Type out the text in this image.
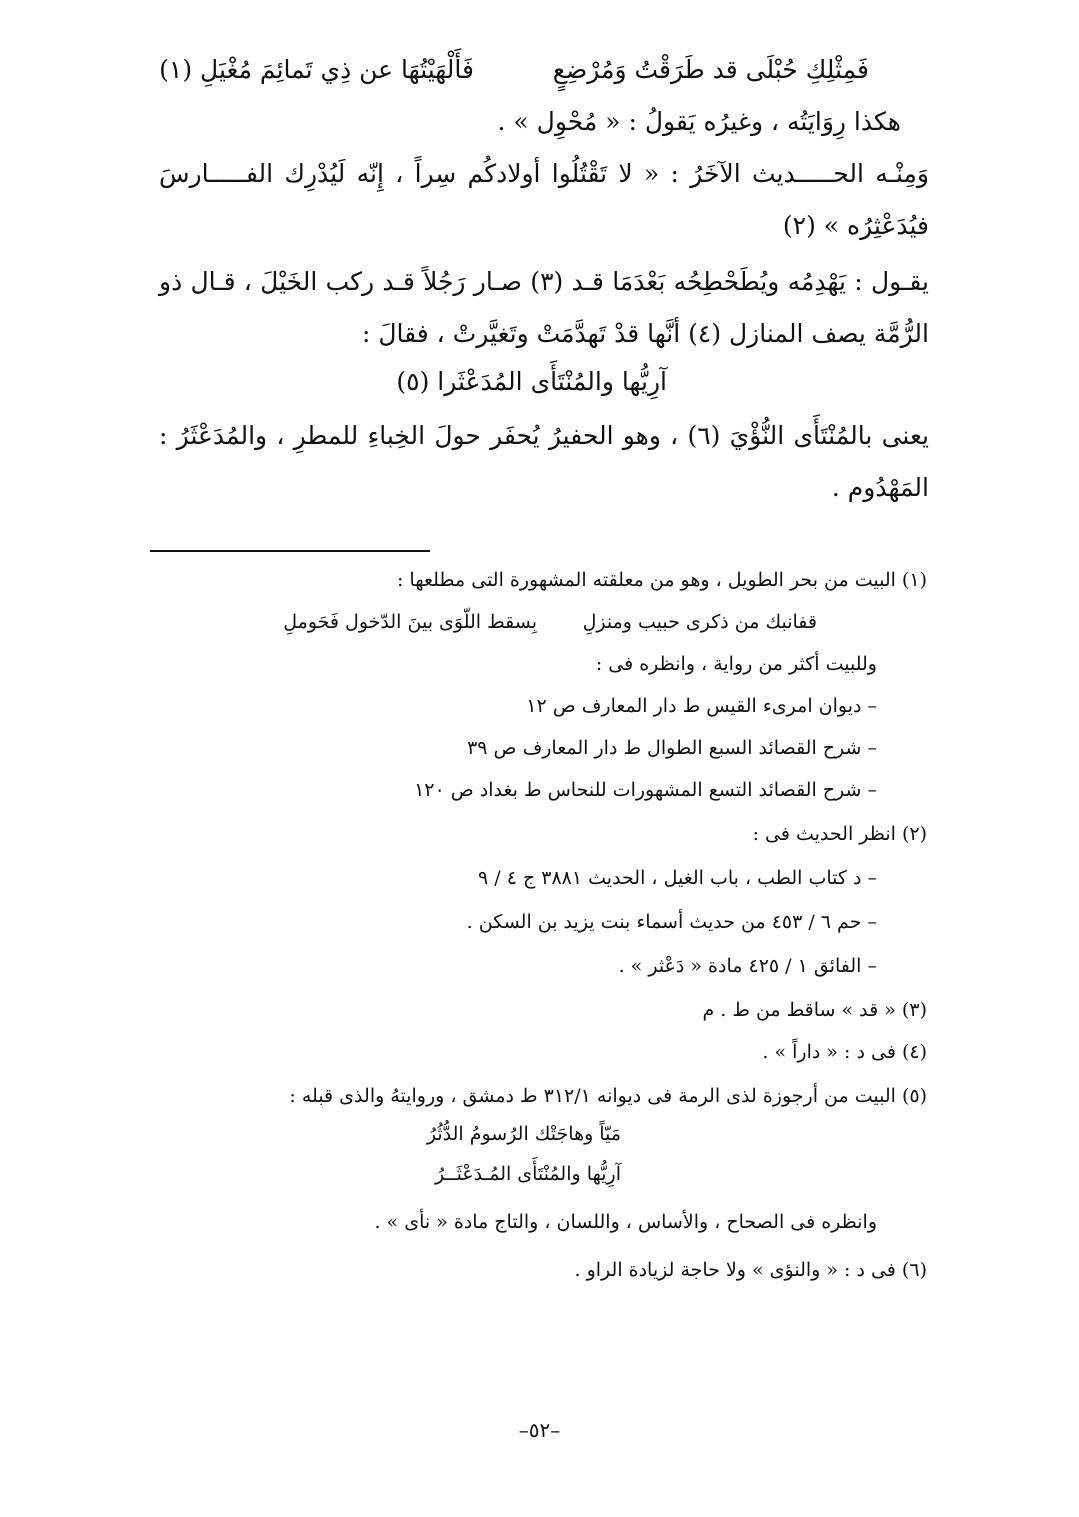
فَمِثْلِكِ حُبْلَى قد طَرَقْتُ وَمُرْضِعٍ
فَأَلْهَيْتُهَا عن ذِي تَمائِمَ مُغْيَلِ (١)
هكذا رِوَايَتُه ، وغيرُه يَقولُ : « مُحْوِل » .
وَمِنْـه الحـــــديث الآخَرُ : « لا تَقْتُلُوا أولادكُم سِراً ، إِنّه لَيُدْرِك الفـــــارسَ
فيُدَعْثِرُه » (٢)
يقـول : يَهْدِمُه ويُطَحْطِحُه بَعْدَمَا قـد (٣) صـار رَجُلاً قـد ركب الخَيْلَ ، قـال ذو
الرُّمَّة يصف المنازل (٤) أنَّها قدْ تَهدَّمَتْ وتَغيَّرتْ ، فقالَ :
آرِيُّها والمُنْتَأَى المُدَعْثَرا (٥)
يعنى بالمُنْتَأَى النُّؤْيَ (٦) ، وهو الحفيرُ يُحفَر حولَ الخِباءِ للمطرِ ، والمُدَعْثَرُ :
المَهْدُوم .
(١) البيت من بحر الطويل ، وهو من معلقته المشهورة التى مطلعها :
قفانبك من ذكرى حبيب ومنزلِ
بِسقط اللّوَى بينَ الدّخول فَحَوملِ
وللبيت أكثر من رواية ، وانظره فى :
– ديوان امرىء القيس ط دار المعارف ص ١٢
– شرح القصائد السبع الطوال ط دار المعارف ص ٣٩
– شرح القصائد التسع المشهورات للنحاس ط بغداد ص ١٢٠
(٢) انظر الحديث فى :
– د كتاب الطب ، باب الغيل ، الحديث ٣٨٨١ ج ٤ / ٩
– حم ٦ / ٤٥٣ من حديث أسماء بنت يزيد بن السكن .
– الفائق ١ / ٤٢٥ مادة « دَعْثر » .
(٣) « قد » ساقط من ط . م
(٤) فى د : « داراً » .
(٥) البيت من أرجوزة لذى الرمة فى ديوانه ٣١٢/١ ط دمشق ، وروايتهُ والذى قبله :
مَيّاً وهاجَتْك الرُسومُ الدُّثُرُ
آرِيُّها والمُنْتَأَى المُـدَعْثَــرُ
وانظره فى الصحاح ، والأساس ، واللسان ، والتاج مادة « نأى » .
(٦) فى د : « والنؤى » ولا حاجة لزيادة الراو .
–٥٢–
